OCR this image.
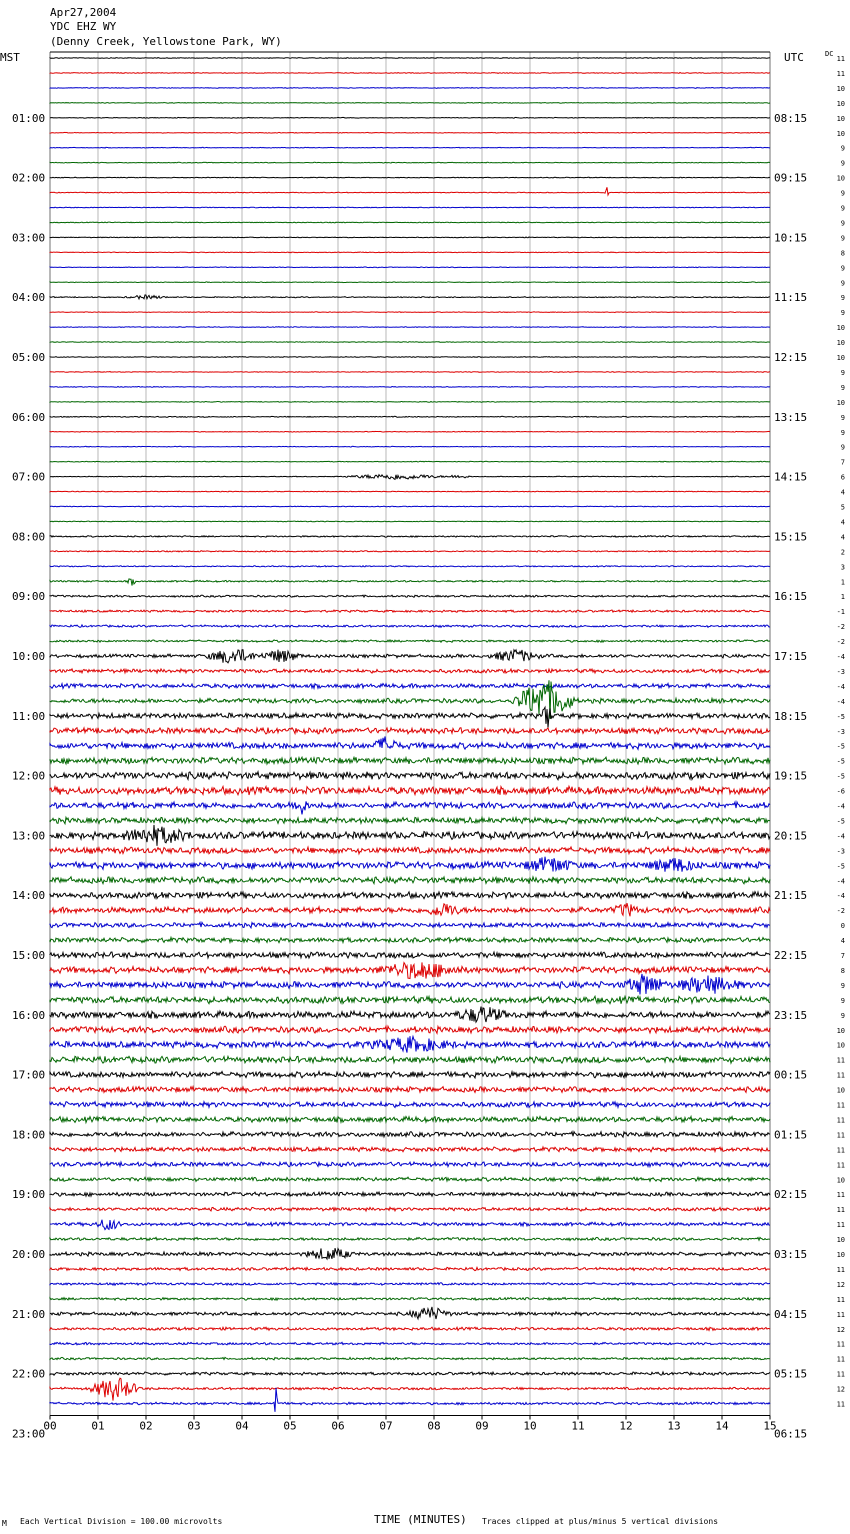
Apr27,2004
YDC EHZ WY
(Denny Creek, Yellowstone Park, WY)
MST	UTC	DC
01:00
02:00
03:00
04:00
05:00
06:00
07:00
08:00
09:00
10:00
11:00
12:00
13:00
14:00
15:00
16:00
17:00
18:00
19:00
20:00
21:00
22:00
23:00
08:15
09:15
10:15
11:15
12:15
13:15
14:15
15:15
16:15
17:15
18:15
19:15
20:15
21:15
22:15
23:15
00:15
01:15
02:15
03:15
04:15
05:15
06:15
11
11
10
10
10
10
9
9
10
9
9
9
9
8
9
9
9
9
10
10
10
9
9
10
9
9
9
7
6
4
5
4
4
2
3
1
1
-1
-2
-2
-4
-3
-4
-4
-5
-3
-5
-5
-5
-6
-4
-5
-4
-3
-5
-4
-4
-2
0
4
7
8
9
9
9
10
10
11
11
10
11
11
11
11
11
10
11
11
11
10
10
11
12
11
11
12
11
11
11
12
11
00	01	02	03	04	05	06	07	08	09	10	11	12	13	14	15
TIME (MINUTES)
Each Vertical Division = 100.00 microvolts	Traces clipped at plus/minus 5 vertical divisions
M
